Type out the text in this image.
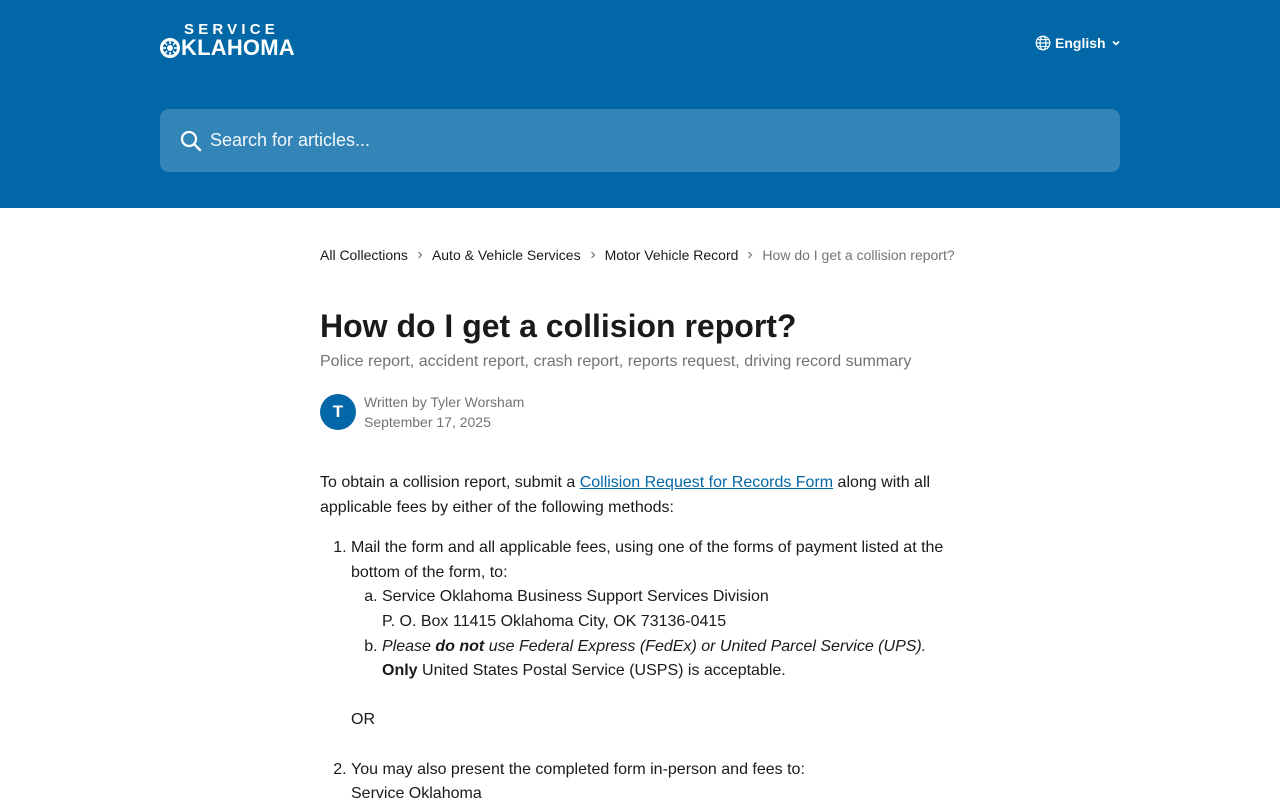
SERVICE
KLAHOMA	English
Search for articles...
All Collections Auto & Vehicle Services Motor Vehicle Record How do I get a collision report?
How do I get a collision report?
Police report, accident report, crash report, reports request, driving record summary
T	Written by Tyler Worsham
September 17, 2025

To obtain a collision report, submit a Collision Request for Records Form along with all applicable fees by either of the following methods:

1. Mail the form and all applicable fees, using one of the forms of payment listed at the bottom of the form, to:
a. Service Oklahoma Business Support Services Division
P. O. Box 11415 Oklahoma City, OK 73136-0415
b. Please do not use Federal Express (FedEx) or United Parcel Service (UPS).
Only United States Postal Service (USPS) is acceptable.

OR

2. You may also present the completed form in-person and fees to:
Service Oklahoma
